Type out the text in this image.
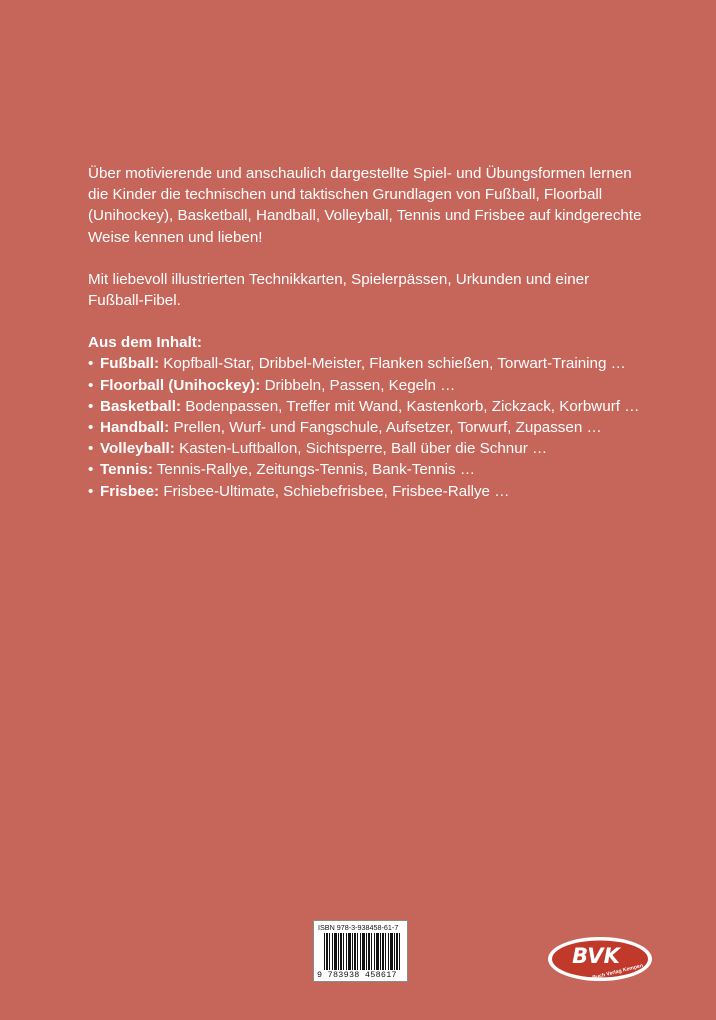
Über motivierende und anschaulich dargestellte Spiel- und Übungsformen lernen die Kinder die technischen und taktischen Grundlagen von Fußball, Floorball (Unihockey), Basketball, Handball, Volleyball, Tennis und Frisbee auf kindgerechte Weise kennen und lieben!

Mit liebevoll illustrierten Technikkarten, Spielerpässen, Urkunden und einer Fußball-Fibel.

Aus dem Inhalt:
• Fußball: Kopfball-Star, Dribbel-Meister, Flanken schießen, Torwart-Training …
• Floorball (Unihockey): Dribbeln, Passen, Kegeln …
• Basketball: Bodenpassen, Treffer mit Wand, Kastenkorb, Zickzack, Korbwurf …
• Handball: Prellen, Wurf- und Fangschule, Aufsetzer, Torwurf, Zupassen …
• Volleyball: Kasten-Luftballon, Sichtsperre, Ball über die Schnur …
• Tennis: Tennis-Rallye, Zeitungs-Tennis, Bank-Tennis …
• Frisbee: Frisbee-Ultimate, Schiebefrisbee, Frisbee-Rallye …
ISBN 978-3-938458-61-7
9 783938 458617
BVK
Buch Verlag Kempen
